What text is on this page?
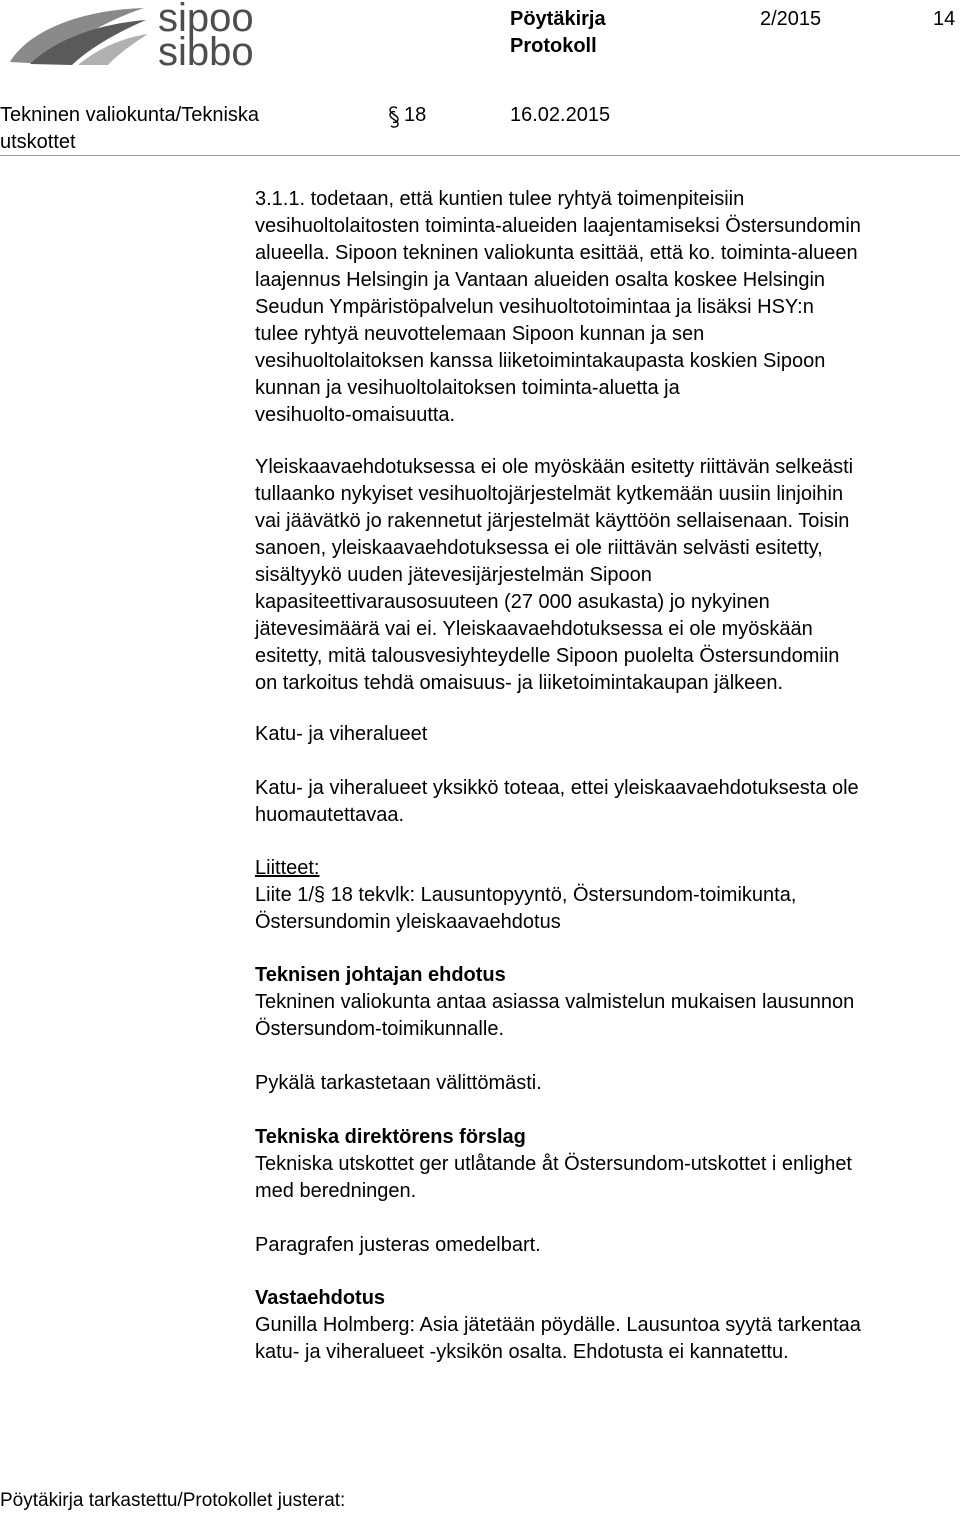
sipoo
sibbo
Pöytäkirja
Protokoll
2/2015	14
Tekninen valiokunta/Tekniska
utskottet
18	16.02.2015
3.1.1. todetaan, että kuntien tulee ryhtyä toimenpiteisiin
vesihuoltolaitosten toiminta-alueiden laajentamiseksi Östersundomin
alueella. Sipoon tekninen valiokunta esittää, että ko. toiminta-alueen
laajennus Helsingin ja Vantaan alueiden osalta koskee Helsingin
Seudun Ympäristöpalvelun vesihuoltotoimintaa ja lisäksi HSY:n
tulee ryhtyä neuvottelemaan Sipoon kunnan ja sen
vesihuoltolaitoksen kanssa liiketoimintakaupasta koskien Sipoon
kunnan ja vesihuoltolaitoksen toiminta-aluetta ja
vesihuolto-omaisuutta.
Yleiskaavaehdotuksessa ei ole myöskään esitetty riittävän selkeästi
tullaanko nykyiset vesihuoltojärjestelmät kytkemään uusiin linjoihin
vai jäävätkö jo rakennetut järjestelmät käyttöön sellaisenaan. Toisin
sanoen, yleiskaavaehdotuksessa ei ole riittävän selvästi esitetty,
sisältyykö uuden jätevesijärjestelmän Sipoon
kapasiteettivarausosuuteen (27 000 asukasta) jo nykyinen
jätevesimäärä vai ei. Yleiskaavaehdotuksessa ei ole myöskään
esitetty, mitä talousvesiyhteydelle Sipoon puolelta Östersundomiin
on tarkoitus tehdä omaisuus- ja liiketoimintakaupan jälkeen.
Katu- ja viheralueet
Katu- ja viheralueet yksikkö toteaa, ettei yleiskaavaehdotuksesta ole
huomautettavaa.
Liitteet:
Liite 1/§ 18 tekvlk: Lausuntopyyntö, Östersundom-toimikunta,
Östersundomin yleiskaavaehdotus
Teknisen johtajan ehdotus
Tekninen valiokunta antaa asiassa valmistelun mukaisen lausunnon
Östersundom-toimikunnalle.
Pykälä tarkastetaan välittömästi.
Tekniska direktörens förslag
Tekniska utskottet ger utlåtande åt Östersundom-utskottet i enlighet
med beredningen.
Paragrafen justeras omedelbart.
Vastaehdotus
Gunilla Holmberg: Asia jätetään pöydälle. Lausuntoa syytä tarkentaa
katu- ja viheralueet -yksikön osalta. Ehdotusta ei kannatettu.
Pöytäkirja tarkastettu/Protokollet justerat:
